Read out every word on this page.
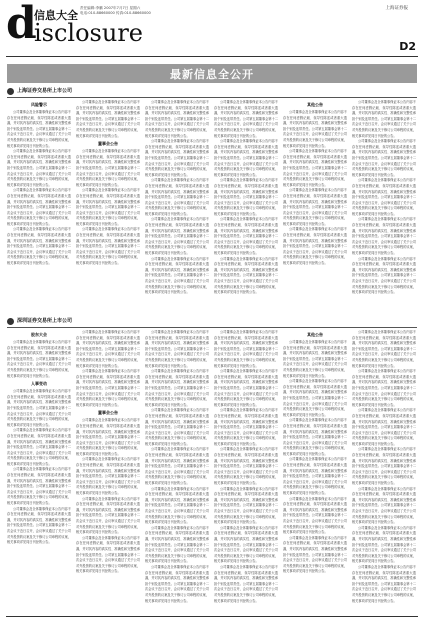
d
信息大全
isclosure
责任编辑:李鹏 2007年7月7日 星期六
电话:010-88660000 传真:010-88660000
上海证券报
D2
最新信息全公开
上海证券交易所上市公司
风险警示
公司董事会及全体董事保证本公告内容不存在任何虚假记载、误导性陈述或者重大遗漏，并对其内容的真实性、准确性和完整性承担个别及连带责任。公司第五届董事会第十二次会议于近日召开，会议审议通过了关于公司对外投资的议案及关于修订公司章程的议案，相关事项详见同日刊登的公告。
公司董事会及全体董事保证本公告内容不存在任何虚假记载、误导性陈述或者重大遗漏，并对其内容的真实性、准确性和完整性承担个别及连带责任。公司第五届董事会第十二次会议于近日召开，会议审议通过了关于公司对外投资的议案及关于修订公司章程的议案，相关事项详见同日刊登的公告。
公司董事会及全体董事保证本公告内容不存在任何虚假记载、误导性陈述或者重大遗漏，并对其内容的真实性、准确性和完整性承担个别及连带责任。公司第五届董事会第十二次会议于近日召开，会议审议通过了关于公司对外投资的议案及关于修订公司章程的议案，相关事项详见同日刊登的公告。
公司董事会及全体董事保证本公告内容不存在任何虚假记载、误导性陈述或者重大遗漏，并对其内容的真实性、准确性和完整性承担个别及连带责任。公司第五届董事会第十二次会议于近日召开，会议审议通过了关于公司对外投资的议案及关于修订公司章程的议案，相关事项详见同日刊登的公告。
公司董事会及全体董事保证本公告内容不存在任何虚假记载、误导性陈述或者重大遗漏，并对其内容的真实性、准确性和完整性承担个别及连带责任。公司第五届董事会第十二次会议于近日召开，会议审议通过了关于公司对外投资的议案及关于修订公司章程的议案，相关事项详见同日刊登的公告。
董事会公告
公司董事会及全体董事保证本公告内容不存在任何虚假记载、误导性陈述或者重大遗漏，并对其内容的真实性、准确性和完整性承担个别及连带责任。公司第五届董事会第十二次会议于近日召开，会议审议通过了关于公司对外投资的议案及关于修订公司章程的议案，相关事项详见同日刊登的公告。
公司董事会及全体董事保证本公告内容不存在任何虚假记载、误导性陈述或者重大遗漏，并对其内容的真实性、准确性和完整性承担个别及连带责任。公司第五届董事会第十二次会议于近日召开，会议审议通过了关于公司对外投资的议案及关于修订公司章程的议案，相关事项详见同日刊登的公告。
公司董事会及全体董事保证本公告内容不存在任何虚假记载、误导性陈述或者重大遗漏，并对其内容的真实性、准确性和完整性承担个别及连带责任。公司第五届董事会第十二次会议于近日召开，会议审议通过了关于公司对外投资的议案及关于修订公司章程的议案，相关事项详见同日刊登的公告。
公司董事会及全体董事保证本公告内容不存在任何虚假记载、误导性陈述或者重大遗漏，并对其内容的真实性、准确性和完整性承担个别及连带责任。公司第五届董事会第十二次会议于近日召开，会议审议通过了关于公司对外投资的议案及关于修订公司章程的议案，相关事项详见同日刊登的公告。
公司董事会及全体董事保证本公告内容不存在任何虚假记载、误导性陈述或者重大遗漏，并对其内容的真实性、准确性和完整性承担个别及连带责任。公司第五届董事会第十二次会议于近日召开，会议审议通过了关于公司对外投资的议案及关于修订公司章程的议案，相关事项详见同日刊登的公告。
公司董事会及全体董事保证本公告内容不存在任何虚假记载、误导性陈述或者重大遗漏，并对其内容的真实性、准确性和完整性承担个别及连带责任。公司第五届董事会第十二次会议于近日召开，会议审议通过了关于公司对外投资的议案及关于修订公司章程的议案，相关事项详见同日刊登的公告。
公司董事会及全体董事保证本公告内容不存在任何虚假记载、误导性陈述或者重大遗漏，并对其内容的真实性、准确性和完整性承担个别及连带责任。公司第五届董事会第十二次会议于近日召开，会议审议通过了关于公司对外投资的议案及关于修订公司章程的议案，相关事项详见同日刊登的公告。
公司董事会及全体董事保证本公告内容不存在任何虚假记载、误导性陈述或者重大遗漏，并对其内容的真实性、准确性和完整性承担个别及连带责任。公司第五届董事会第十二次会议于近日召开，会议审议通过了关于公司对外投资的议案及关于修订公司章程的议案，相关事项详见同日刊登的公告。
公司董事会及全体董事保证本公告内容不存在任何虚假记载、误导性陈述或者重大遗漏，并对其内容的真实性、准确性和完整性承担个别及连带责任。公司第五届董事会第十二次会议于近日召开，会议审议通过了关于公司对外投资的议案及关于修订公司章程的议案，相关事项详见同日刊登的公告。
公司董事会及全体董事保证本公告内容不存在任何虚假记载、误导性陈述或者重大遗漏，并对其内容的真实性、准确性和完整性承担个别及连带责任。公司第五届董事会第十二次会议于近日召开，会议审议通过了关于公司对外投资的议案及关于修订公司章程的议案，相关事项详见同日刊登的公告。
公司董事会及全体董事保证本公告内容不存在任何虚假记载、误导性陈述或者重大遗漏，并对其内容的真实性、准确性和完整性承担个别及连带责任。公司第五届董事会第十二次会议于近日召开，会议审议通过了关于公司对外投资的议案及关于修订公司章程的议案，相关事项详见同日刊登的公告。
公司董事会及全体董事保证本公告内容不存在任何虚假记载、误导性陈述或者重大遗漏，并对其内容的真实性、准确性和完整性承担个别及连带责任。公司第五届董事会第十二次会议于近日召开，会议审议通过了关于公司对外投资的议案及关于修订公司章程的议案，相关事项详见同日刊登的公告。
公司董事会及全体董事保证本公告内容不存在任何虚假记载、误导性陈述或者重大遗漏，并对其内容的真实性、准确性和完整性承担个别及连带责任。公司第五届董事会第十二次会议于近日召开，会议审议通过了关于公司对外投资的议案及关于修订公司章程的议案，相关事项详见同日刊登的公告。
其他公告
公司董事会及全体董事保证本公告内容不存在任何虚假记载、误导性陈述或者重大遗漏，并对其内容的真实性、准确性和完整性承担个别及连带责任。公司第五届董事会第十二次会议于近日召开，会议审议通过了关于公司对外投资的议案及关于修订公司章程的议案，相关事项详见同日刊登的公告。
公司董事会及全体董事保证本公告内容不存在任何虚假记载、误导性陈述或者重大遗漏，并对其内容的真实性、准确性和完整性承担个别及连带责任。公司第五届董事会第十二次会议于近日召开，会议审议通过了关于公司对外投资的议案及关于修订公司章程的议案，相关事项详见同日刊登的公告。
公司董事会及全体董事保证本公告内容不存在任何虚假记载、误导性陈述或者重大遗漏，并对其内容的真实性、准确性和完整性承担个别及连带责任。公司第五届董事会第十二次会议于近日召开，会议审议通过了关于公司对外投资的议案及关于修订公司章程的议案，相关事项详见同日刊登的公告。
公司董事会及全体董事保证本公告内容不存在任何虚假记载、误导性陈述或者重大遗漏，并对其内容的真实性、准确性和完整性承担个别及连带责任。公司第五届董事会第十二次会议于近日召开，会议审议通过了关于公司对外投资的议案及关于修订公司章程的议案，相关事项详见同日刊登的公告。
公司董事会及全体董事保证本公告内容不存在任何虚假记载、误导性陈述或者重大遗漏，并对其内容的真实性、准确性和完整性承担个别及连带责任。公司第五届董事会第十二次会议于近日召开，会议审议通过了关于公司对外投资的议案及关于修订公司章程的议案，相关事项详见同日刊登的公告。
公司董事会及全体董事保证本公告内容不存在任何虚假记载、误导性陈述或者重大遗漏，并对其内容的真实性、准确性和完整性承担个别及连带责任。公司第五届董事会第十二次会议于近日召开，会议审议通过了关于公司对外投资的议案及关于修订公司章程的议案，相关事项详见同日刊登的公告。
公司董事会及全体董事保证本公告内容不存在任何虚假记载、误导性陈述或者重大遗漏，并对其内容的真实性、准确性和完整性承担个别及连带责任。公司第五届董事会第十二次会议于近日召开，会议审议通过了关于公司对外投资的议案及关于修订公司章程的议案，相关事项详见同日刊登的公告。
公司董事会及全体董事保证本公告内容不存在任何虚假记载、误导性陈述或者重大遗漏，并对其内容的真实性、准确性和完整性承担个别及连带责任。公司第五届董事会第十二次会议于近日召开，会议审议通过了关于公司对外投资的议案及关于修订公司章程的议案，相关事项详见同日刊登的公告。
公司董事会及全体董事保证本公告内容不存在任何虚假记载、误导性陈述或者重大遗漏，并对其内容的真实性、准确性和完整性承担个别及连带责任。公司第五届董事会第十二次会议于近日召开，会议审议通过了关于公司对外投资的议案及关于修订公司章程的议案，相关事项详见同日刊登的公告。
深圳证券交易所上市公司
股东大会
公司董事会及全体董事保证本公告内容不存在任何虚假记载、误导性陈述或者重大遗漏，并对其内容的真实性、准确性和完整性承担个别及连带责任。公司第五届董事会第十二次会议于近日召开，会议审议通过了关于公司对外投资的议案及关于修订公司章程的议案，相关事项详见同日刊登的公告。
人事变动
公司董事会及全体董事保证本公告内容不存在任何虚假记载、误导性陈述或者重大遗漏，并对其内容的真实性、准确性和完整性承担个别及连带责任。公司第五届董事会第十二次会议于近日召开，会议审议通过了关于公司对外投资的议案及关于修订公司章程的议案，相关事项详见同日刊登的公告。
公司董事会及全体董事保证本公告内容不存在任何虚假记载、误导性陈述或者重大遗漏，并对其内容的真实性、准确性和完整性承担个别及连带责任。公司第五届董事会第十二次会议于近日召开，会议审议通过了关于公司对外投资的议案及关于修订公司章程的议案，相关事项详见同日刊登的公告。
公司董事会及全体董事保证本公告内容不存在任何虚假记载、误导性陈述或者重大遗漏，并对其内容的真实性、准确性和完整性承担个别及连带责任。公司第五届董事会第十二次会议于近日召开，会议审议通过了关于公司对外投资的议案及关于修订公司章程的议案，相关事项详见同日刊登的公告。
公司董事会及全体董事保证本公告内容不存在任何虚假记载、误导性陈述或者重大遗漏，并对其内容的真实性、准确性和完整性承担个别及连带责任。公司第五届董事会第十二次会议于近日召开，会议审议通过了关于公司对外投资的议案及关于修订公司章程的议案，相关事项详见同日刊登的公告。
公司董事会及全体董事保证本公告内容不存在任何虚假记载、误导性陈述或者重大遗漏，并对其内容的真实性、准确性和完整性承担个别及连带责任。公司第五届董事会第十二次会议于近日召开，会议审议通过了关于公司对外投资的议案及关于修订公司章程的议案，相关事项详见同日刊登的公告。
公司董事会及全体董事保证本公告内容不存在任何虚假记载、误导性陈述或者重大遗漏，并对其内容的真实性、准确性和完整性承担个别及连带责任。公司第五届董事会第十二次会议于近日召开，会议审议通过了关于公司对外投资的议案及关于修订公司章程的议案，相关事项详见同日刊登的公告。
董事会公告
公司董事会及全体董事保证本公告内容不存在任何虚假记载、误导性陈述或者重大遗漏，并对其内容的真实性、准确性和完整性承担个别及连带责任。公司第五届董事会第十二次会议于近日召开，会议审议通过了关于公司对外投资的议案及关于修订公司章程的议案，相关事项详见同日刊登的公告。
公司董事会及全体董事保证本公告内容不存在任何虚假记载、误导性陈述或者重大遗漏，并对其内容的真实性、准确性和完整性承担个别及连带责任。公司第五届董事会第十二次会议于近日召开，会议审议通过了关于公司对外投资的议案及关于修订公司章程的议案，相关事项详见同日刊登的公告。
公司董事会及全体董事保证本公告内容不存在任何虚假记载、误导性陈述或者重大遗漏，并对其内容的真实性、准确性和完整性承担个别及连带责任。公司第五届董事会第十二次会议于近日召开，会议审议通过了关于公司对外投资的议案及关于修订公司章程的议案，相关事项详见同日刊登的公告。
公司董事会及全体董事保证本公告内容不存在任何虚假记载、误导性陈述或者重大遗漏，并对其内容的真实性、准确性和完整性承担个别及连带责任。公司第五届董事会第十二次会议于近日召开，会议审议通过了关于公司对外投资的议案及关于修订公司章程的议案，相关事项详见同日刊登的公告。
公司董事会及全体董事保证本公告内容不存在任何虚假记载、误导性陈述或者重大遗漏，并对其内容的真实性、准确性和完整性承担个别及连带责任。公司第五届董事会第十二次会议于近日召开，会议审议通过了关于公司对外投资的议案及关于修订公司章程的议案，相关事项详见同日刊登的公告。
公司董事会及全体董事保证本公告内容不存在任何虚假记载、误导性陈述或者重大遗漏，并对其内容的真实性、准确性和完整性承担个别及连带责任。公司第五届董事会第十二次会议于近日召开，会议审议通过了关于公司对外投资的议案及关于修订公司章程的议案，相关事项详见同日刊登的公告。
公司董事会及全体董事保证本公告内容不存在任何虚假记载、误导性陈述或者重大遗漏，并对其内容的真实性、准确性和完整性承担个别及连带责任。公司第五届董事会第十二次会议于近日召开，会议审议通过了关于公司对外投资的议案及关于修订公司章程的议案，相关事项详见同日刊登的公告。
公司董事会及全体董事保证本公告内容不存在任何虚假记载、误导性陈述或者重大遗漏，并对其内容的真实性、准确性和完整性承担个别及连带责任。公司第五届董事会第十二次会议于近日召开，会议审议通过了关于公司对外投资的议案及关于修订公司章程的议案，相关事项详见同日刊登的公告。
公司董事会及全体董事保证本公告内容不存在任何虚假记载、误导性陈述或者重大遗漏，并对其内容的真实性、准确性和完整性承担个别及连带责任。公司第五届董事会第十二次会议于近日召开，会议审议通过了关于公司对外投资的议案及关于修订公司章程的议案，相关事项详见同日刊登的公告。
公司董事会及全体董事保证本公告内容不存在任何虚假记载、误导性陈述或者重大遗漏，并对其内容的真实性、准确性和完整性承担个别及连带责任。公司第五届董事会第十二次会议于近日召开，会议审议通过了关于公司对外投资的议案及关于修订公司章程的议案，相关事项详见同日刊登的公告。
公司董事会及全体董事保证本公告内容不存在任何虚假记载、误导性陈述或者重大遗漏，并对其内容的真实性、准确性和完整性承担个别及连带责任。公司第五届董事会第十二次会议于近日召开，会议审议通过了关于公司对外投资的议案及关于修订公司章程的议案，相关事项详见同日刊登的公告。
公司董事会及全体董事保证本公告内容不存在任何虚假记载、误导性陈述或者重大遗漏，并对其内容的真实性、准确性和完整性承担个别及连带责任。公司第五届董事会第十二次会议于近日召开，会议审议通过了关于公司对外投资的议案及关于修订公司章程的议案，相关事项详见同日刊登的公告。
公司董事会及全体董事保证本公告内容不存在任何虚假记载、误导性陈述或者重大遗漏，并对其内容的真实性、准确性和完整性承担个别及连带责任。公司第五届董事会第十二次会议于近日召开，会议审议通过了关于公司对外投资的议案及关于修订公司章程的议案，相关事项详见同日刊登的公告。
公司董事会及全体董事保证本公告内容不存在任何虚假记载、误导性陈述或者重大遗漏，并对其内容的真实性、准确性和完整性承担个别及连带责任。公司第五届董事会第十二次会议于近日召开，会议审议通过了关于公司对外投资的议案及关于修订公司章程的议案，相关事项详见同日刊登的公告。
公司董事会及全体董事保证本公告内容不存在任何虚假记载、误导性陈述或者重大遗漏，并对其内容的真实性、准确性和完整性承担个别及连带责任。公司第五届董事会第十二次会议于近日召开，会议审议通过了关于公司对外投资的议案及关于修订公司章程的议案，相关事项详见同日刊登的公告。
公司董事会及全体董事保证本公告内容不存在任何虚假记载、误导性陈述或者重大遗漏，并对其内容的真实性、准确性和完整性承担个别及连带责任。公司第五届董事会第十二次会议于近日召开，会议审议通过了关于公司对外投资的议案及关于修订公司章程的议案，相关事项详见同日刊登的公告。
公司董事会及全体董事保证本公告内容不存在任何虚假记载、误导性陈述或者重大遗漏，并对其内容的真实性、准确性和完整性承担个别及连带责任。公司第五届董事会第十二次会议于近日召开，会议审议通过了关于公司对外投资的议案及关于修订公司章程的议案，相关事项详见同日刊登的公告。
公司董事会及全体董事保证本公告内容不存在任何虚假记载、误导性陈述或者重大遗漏，并对其内容的真实性、准确性和完整性承担个别及连带责任。公司第五届董事会第十二次会议于近日召开，会议审议通过了关于公司对外投资的议案及关于修订公司章程的议案，相关事项详见同日刊登的公告。
其他公告
公司董事会及全体董事保证本公告内容不存在任何虚假记载、误导性陈述或者重大遗漏，并对其内容的真实性、准确性和完整性承担个别及连带责任。公司第五届董事会第十二次会议于近日召开，会议审议通过了关于公司对外投资的议案及关于修订公司章程的议案，相关事项详见同日刊登的公告。
公司董事会及全体董事保证本公告内容不存在任何虚假记载、误导性陈述或者重大遗漏，并对其内容的真实性、准确性和完整性承担个别及连带责任。公司第五届董事会第十二次会议于近日召开，会议审议通过了关于公司对外投资的议案及关于修订公司章程的议案，相关事项详见同日刊登的公告。
公司董事会及全体董事保证本公告内容不存在任何虚假记载、误导性陈述或者重大遗漏，并对其内容的真实性、准确性和完整性承担个别及连带责任。公司第五届董事会第十二次会议于近日召开，会议审议通过了关于公司对外投资的议案及关于修订公司章程的议案，相关事项详见同日刊登的公告。
公司董事会及全体董事保证本公告内容不存在任何虚假记载、误导性陈述或者重大遗漏，并对其内容的真实性、准确性和完整性承担个别及连带责任。公司第五届董事会第十二次会议于近日召开，会议审议通过了关于公司对外投资的议案及关于修订公司章程的议案，相关事项详见同日刊登的公告。
公司董事会及全体董事保证本公告内容不存在任何虚假记载、误导性陈述或者重大遗漏，并对其内容的真实性、准确性和完整性承担个别及连带责任。公司第五届董事会第十二次会议于近日召开，会议审议通过了关于公司对外投资的议案及关于修订公司章程的议案，相关事项详见同日刊登的公告。
公司董事会及全体董事保证本公告内容不存在任何虚假记载、误导性陈述或者重大遗漏，并对其内容的真实性、准确性和完整性承担个别及连带责任。公司第五届董事会第十二次会议于近日召开，会议审议通过了关于公司对外投资的议案及关于修订公司章程的议案，相关事项详见同日刊登的公告。
公司董事会及全体董事保证本公告内容不存在任何虚假记载、误导性陈述或者重大遗漏，并对其内容的真实性、准确性和完整性承担个别及连带责任。公司第五届董事会第十二次会议于近日召开，会议审议通过了关于公司对外投资的议案及关于修订公司章程的议案，相关事项详见同日刊登的公告。
公司董事会及全体董事保证本公告内容不存在任何虚假记载、误导性陈述或者重大遗漏，并对其内容的真实性、准确性和完整性承担个别及连带责任。公司第五届董事会第十二次会议于近日召开，会议审议通过了关于公司对外投资的议案及关于修订公司章程的议案，相关事项详见同日刊登的公告。
公司董事会及全体董事保证本公告内容不存在任何虚假记载、误导性陈述或者重大遗漏，并对其内容的真实性、准确性和完整性承担个别及连带责任。公司第五届董事会第十二次会议于近日召开，会议审议通过了关于公司对外投资的议案及关于修订公司章程的议案，相关事项详见同日刊登的公告。
公司董事会及全体董事保证本公告内容不存在任何虚假记载、误导性陈述或者重大遗漏，并对其内容的真实性、准确性和完整性承担个别及连带责任。公司第五届董事会第十二次会议于近日召开，会议审议通过了关于公司对外投资的议案及关于修订公司章程的议案，相关事项详见同日刊登的公告。
公司董事会及全体董事保证本公告内容不存在任何虚假记载、误导性陈述或者重大遗漏，并对其内容的真实性、准确性和完整性承担个别及连带责任。公司第五届董事会第十二次会议于近日召开，会议审议通过了关于公司对外投资的议案及关于修订公司章程的议案，相关事项详见同日刊登的公告。
公司董事会及全体董事保证本公告内容不存在任何虚假记载、误导性陈述或者重大遗漏，并对其内容的真实性、准确性和完整性承担个别及连带责任。公司第五届董事会第十二次会议于近日召开，会议审议通过了关于公司对外投资的议案及关于修订公司章程的议案，相关事项详见同日刊登的公告。
公司董事会及全体董事保证本公告内容不存在任何虚假记载、误导性陈述或者重大遗漏，并对其内容的真实性、准确性和完整性承担个别及连带责任。公司第五届董事会第十二次会议于近日召开，会议审议通过了关于公司对外投资的议案及关于修订公司章程的议案，相关事项详见同日刊登的公告。
